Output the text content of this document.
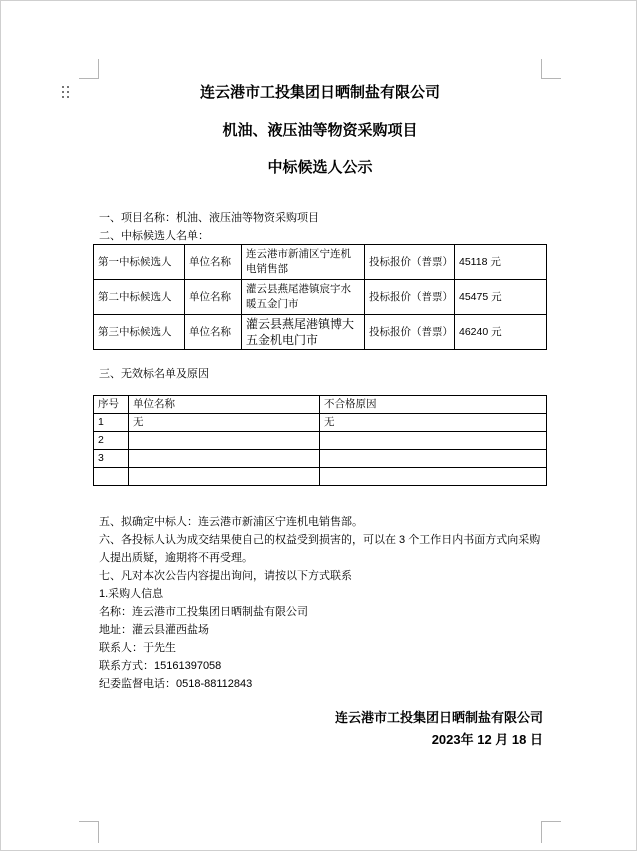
连云港市工投集团日晒制盐有限公司
机油、液压油等物资采购项目
中标候选人公示
一、项目名称：机油、液压油等物资采购项目
二、中标候选人名单：
第一中标候选人	单位名称	连云港市新浦区宁连机电销售部	投标报价（普票）	45118 元
第二中标候选人	单位名称	灌云县燕尾港镇宸宇水暖五金门市	投标报价（普票）	45475 元
第三中标候选人	单位名称	灌云县燕尾港镇博大五金机电门市	投标报价（普票）	46240 元
三、无效标名单及原因
序号	单位名称	不合格原因
1	无	无
2		
3		

五、拟确定中标人：连云港市新浦区宁连机电销售部。
六、各投标人认为成交结果使自己的权益受到损害的，可以在 3 个工作日内书面方式向采购人提出质疑，逾期将不再受理。
七、凡对本次公告内容提出询问，请按以下方式联系
1.采购人信息
名称：连云港市工投集团日晒制盐有限公司
地址：灌云县灌西盐场
联系人：于先生
联系方式：15161397058
纪委监督电话：0518-88112843
连云港市工投集团日晒制盐有限公司
2023年 12 月 18 日
